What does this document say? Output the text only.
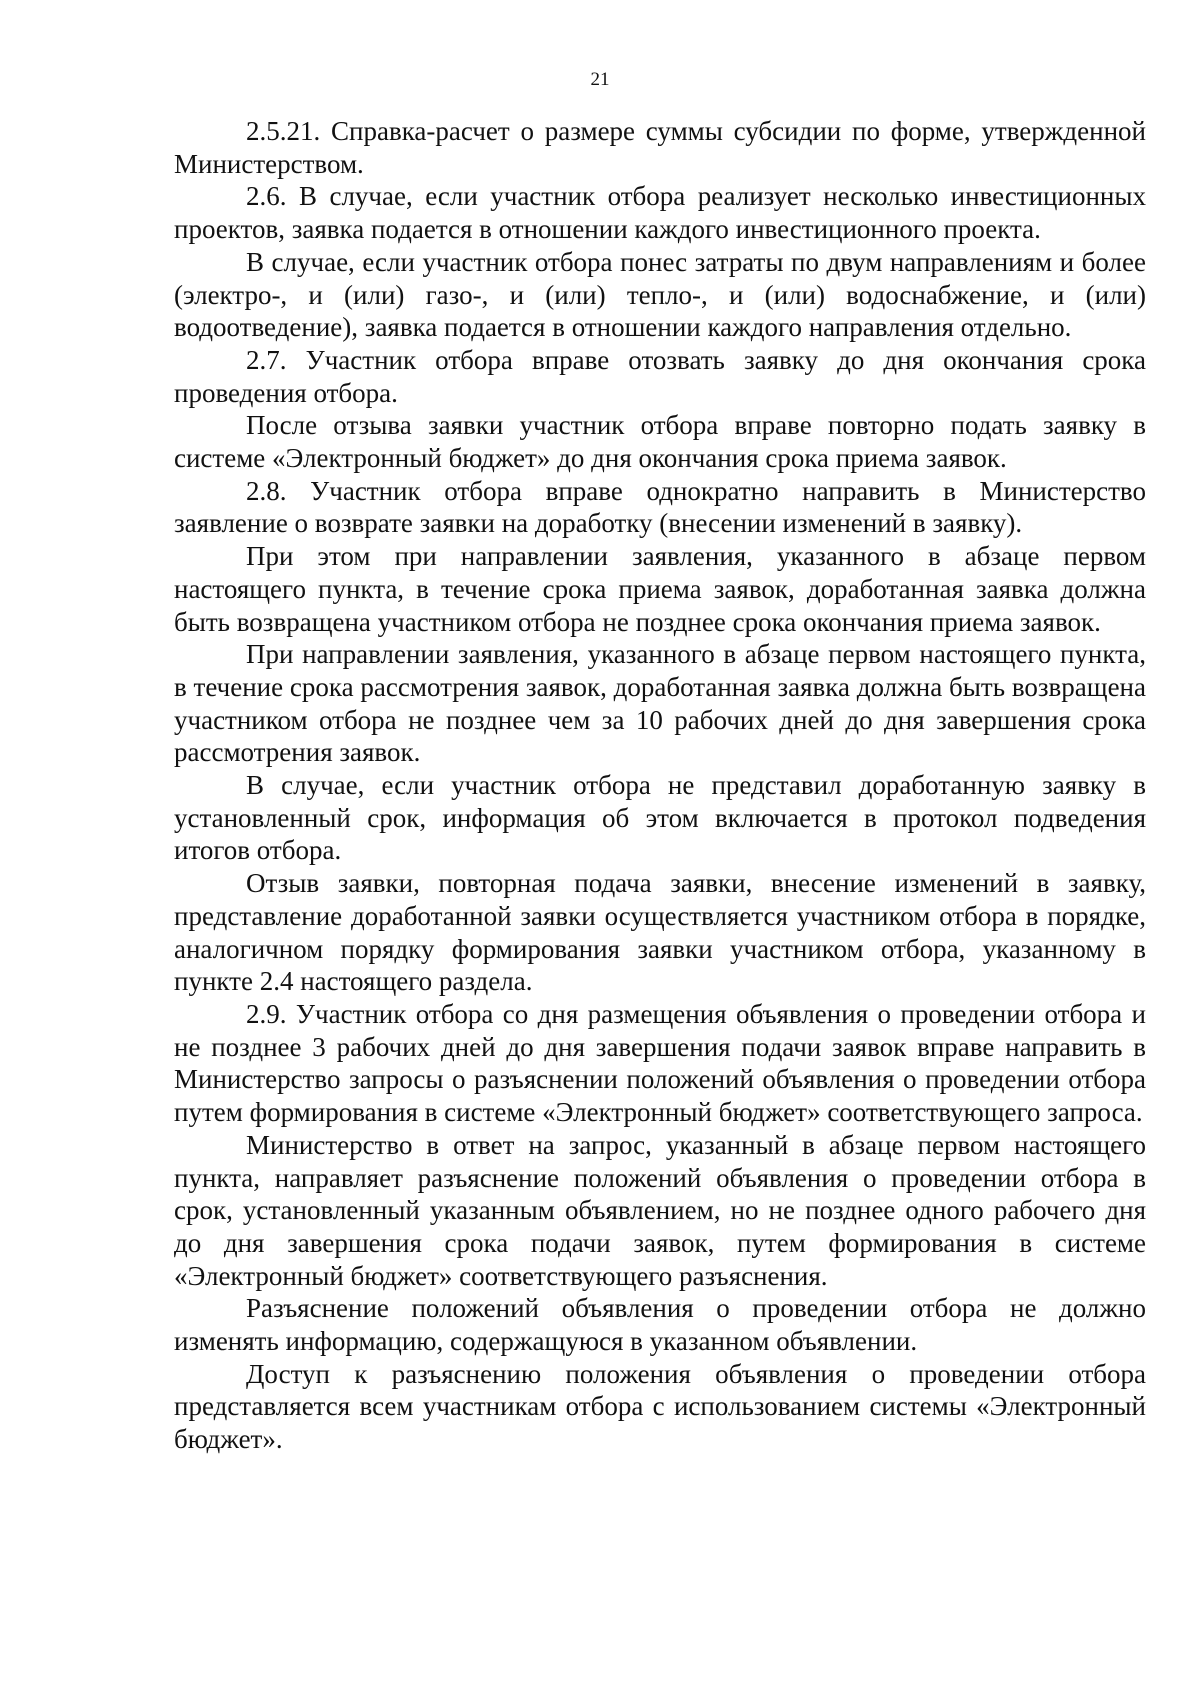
21

2.5.21. Справка-расчет о размере суммы субсидии по форме, утвержденной Министерством.

2.6. В случае, если участник отбора реализует несколько инвестиционных проектов, заявка подается в отношении каждого инвестиционного проекта.

В случае, если участник отбора понес затраты по двум направлениям и более (электро-, и (или) газо-, и (или) тепло-, и (или) водоснабжение, и (или) водоотведение), заявка подается в отношении каждого направления отдельно.

2.7. Участник отбора вправе отозвать заявку до дня окончания срока проведения отбора.

После отзыва заявки участник отбора вправе повторно подать заявку в системе «Электронный бюджет» до дня окончания срока приема заявок.

2.8. Участник отбора вправе однократно направить в Министерство заявление о возврате заявки на доработку (внесении изменений в заявку).

При этом при направлении заявления, указанного в абзаце первом настоящего пункта, в течение срока приема заявок, доработанная заявка должна быть возвращена участником отбора не позднее срока окончания приема заявок.

При направлении заявления, указанного в абзаце первом настоящего пункта, в течение срока рассмотрения заявок, доработанная заявка должна быть возвращена участником отбора не позднее чем за 10 рабочих дней до дня завершения срока рассмотрения заявок.

В случае, если участник отбора не представил доработанную заявку в установленный срок, информация об этом включается в протокол подведения итогов отбора.

Отзыв заявки, повторная подача заявки, внесение изменений в заявку, представление доработанной заявки осуществляется участником отбора в порядке, аналогичном порядку формирования заявки участником отбора, указанному в пункте 2.4 настоящего раздела.

2.9. Участник отбора со дня размещения объявления о проведении отбора и не позднее 3 рабочих дней до дня завершения подачи заявок вправе направить в Министерство запросы о разъяснении положений объявления о проведении отбора путем формирования в системе «Электронный бюджет» соответствующего запроса.

Министерство в ответ на запрос, указанный в абзаце первом настоящего пункта, направляет разъяснение положений объявления о проведении отбора в срок, установленный указанным объявлением, но не позднее одного рабочего дня до дня завершения срока подачи заявок, путем формирования в системе «Электронный бюджет» соответствующего разъяснения.

Разъяснение положений объявления о проведении отбора не должно изменять информацию, содержащуюся в указанном объявлении.

Доступ к разъяснению положения объявления о проведении отбора представляется всем участникам отбора с использованием системы «Электронный бюджет».
